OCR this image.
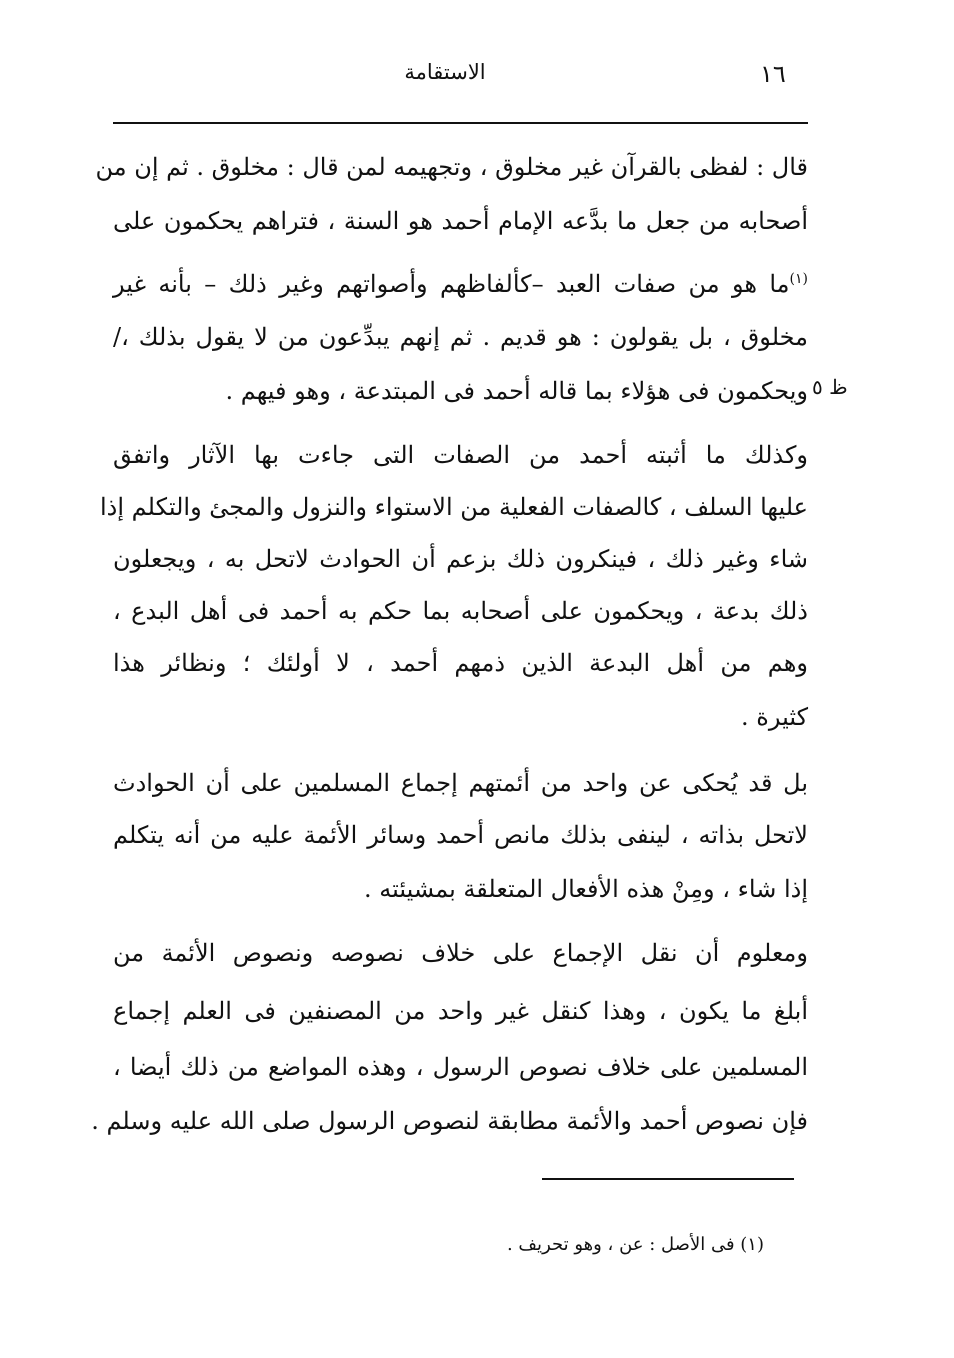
١٦
الاستقامة
قال : لفظى بالقرآن غير مخلوق ، وتجهيمه لمن قال : مخلوق . ثم إن من
أصحابه من جعل ما بدَّعه الإمام أحمد هو السنة ، فتراهم يحكمون على
$^{(١)}$ما هو من صفات العبد –كألفاظهم وأصواتهم وغير ذلك – بأنه غير
مخلوق ، بل يقولون : هو قديم . ثم إنهم يبدِّعون من لا يقول بذلك ،/
ويحكمون فى هؤلاء بما قاله أحمد فى المبتدعة ، وهو فيهم . ظ ٥
وكذلك ما أثبته أحمد من الصفات التى جاءت بها الآثار واتفق
عليها السلف ، كالصفات الفعلية من الاستواء والنزول والمجئ والتكلم إذا
شاء وغير ذلك ، فينكرون ذلك بزعم أن الحوادث لاتحل به ، ويجعلون
ذلك بدعة ، ويحكمون على أصحابه بما حكم به أحمد فى أهل البدع ،
وهم من أهل البدعة الذين ذمهم أحمد ، لا أولئك ؛ ونظائر هذا
كثيرة .
بل قد يُحكى عن واحد من أئمتهم إجماع المسلمين على أن الحوادث
لاتحل بذاته ، لينفى بذلك مانص أحمد وسائر الأئمة عليه من أنه يتكلم
إذا شاء ، ومِنْ هذه الأفعال المتعلقة بمشيئته .
ومعلوم أن نقل الإجماع على خلاف نصوصه ونصوص الأئمة من
أبلغ ما يكون ، وهذا كنقل غير واحد من المصنفين فى العلم إجماع
المسلمين على خلاف نصوص الرسول ، وهذه المواضع من ذلك أيضا ،
فإن نصوص أحمد والأئمة مطابقة لنصوص الرسول صلى الله عليه وسلم .
(١) فى الأصل : عن ، وهو تحريف .
